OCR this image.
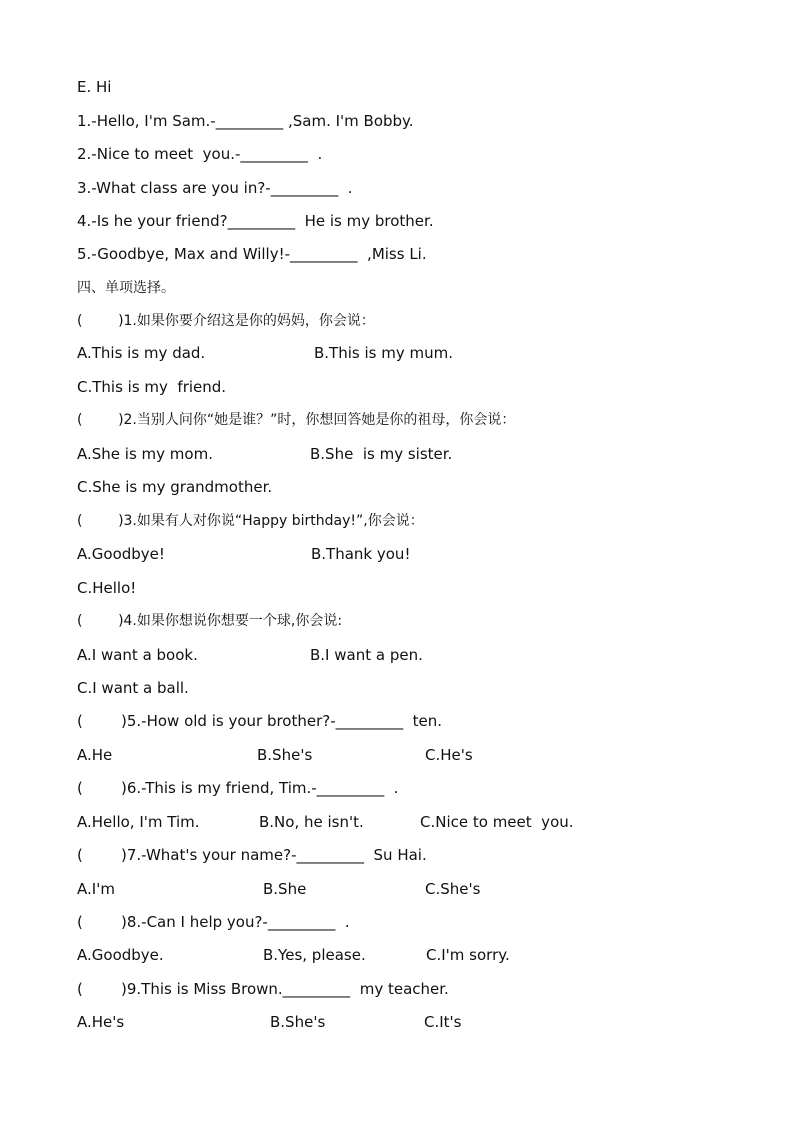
E. Hi
1.-Hello, I'm Sam.-_________ ,Sam. I'm Bobby.
2.-Nice to meet  you.-_________  .
3.-What class are you in?-_________  .
4.-Is he your friend?_________  He is my brother.
5.-Goodbye, Max and Willy!-_________  ,Miss Li.
四、单项选择。
(        )1.如果你要介绍这是你的妈妈，你会说：
A.This is my dad.	B.This is my mum.
C.This is my  friend.
(        )2.当别人问你“她是谁？”时，你想回答她是你的祖母，你会说：
A.She is my mom.	B.She  is my sister.
C.She is my grandmother.
(        )3.如果有人对你说“Happy birthday!”,你会说：
A.Goodbye!	B.Thank you!
C.Hello!
(        )4.如果你想说你想要一个球,你会说:
A.I want a book.	B.I want a pen.
C.I want a ball.
(        )5.-How old is your brother?-_________  ten.
A.He	B.She's	C.He's
(        )6.-This is my friend, Tim.-_________  .
A.Hello, I'm Tim.	B.No, he isn't.	C.Nice to meet  you.
(        )7.-What's your name?-_________  Su Hai.
A.I'm	B.She	C.She's
(        )8.-Can I help you?-_________  .
A.Goodbye.	B.Yes, please.	C.I'm sorry.
(        )9.This is Miss Brown._________  my teacher.
A.He's	B.She's	C.It's
